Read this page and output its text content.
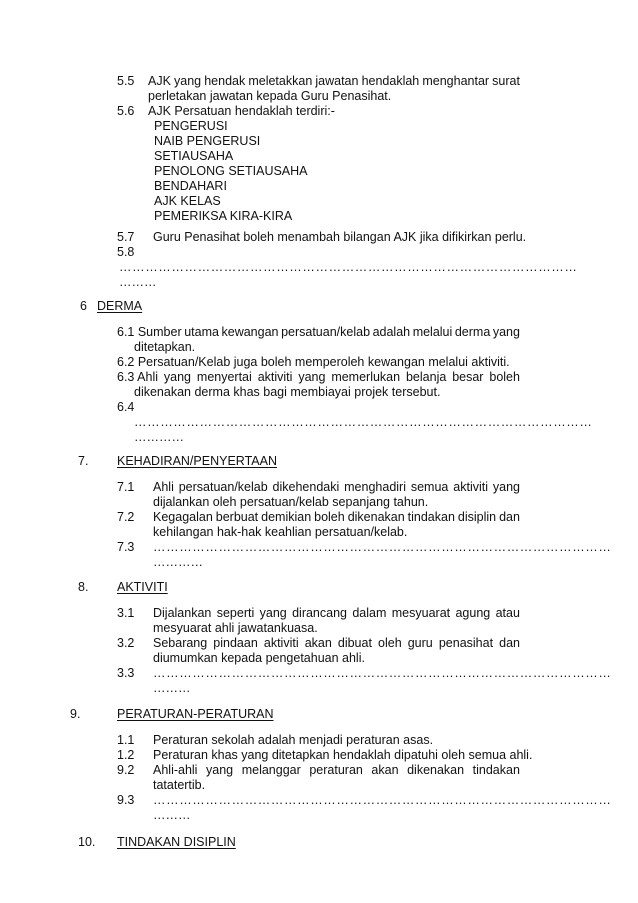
5.5 AJK yang hendak meletakkan jawatan hendaklah menghantar surat
perletakan jawatan kepada Guru Penasihat.
5.6 AJK Persatuan hendaklah terdiri:-
PENGERUSI
NAIB PENGERUSI
SETIAUSAHA
PENOLONG SETIAUSAHA
BENDAHARI
AJK KELAS
PEMERIKSA KIRA-KIRA
5.7 Guru Penasihat boleh menambah bilangan AJK jika difikirkan perlu.
5.8
……………………………………………………………………………………………
………
6 DERMA
6.1 Sumber utama kewangan persatuan/kelab adalah melalui derma yang
ditetapkan.
6.2 Persatuan/Kelab juga boleh memperoleh kewangan melalui aktiviti.
6.3 Ahli yang menyertai aktiviti yang memerlukan belanja besar boleh
dikenakan derma khas bagi membiayai projek tersebut.
6.4
……………………………………………………………………………………………
…………
7. KEHADIRAN/PENYERTAAN
7.1 Ahli persatuan/kelab dikehendaki menghadiri semua aktiviti yang
dijalankan oleh persatuan/kelab sepanjang tahun.
7.2 Kegagalan berbuat demikian boleh dikenakan tindakan disiplin dan
kehilangan hak-hak keahlian persatuan/kelab.
7.3 ……………………………………………………………………………………………
…………
8. AKTIVITI
3.1 Dijalankan seperti yang dirancang dalam mesyuarat agung atau
mesyuarat ahli jawatankuasa.
3.2 Sebarang pindaan aktiviti akan dibuat oleh guru penasihat dan
diumumkan kepada pengetahuan ahli.
3.3 ……………………………………………………………………………………………
………
9.	PERATURAN-PERATURAN
1.1 Peraturan sekolah adalah menjadi peraturan asas.
1.2 Peraturan khas yang ditetapkan hendaklah dipatuhi oleh semua ahli.
9.2 Ahli-ahli yang melanggar peraturan akan dikenakan tindakan
tatatertib.
9.3 ……………………………………………………………………………………………
………
10. TINDAKAN DISIPLIN
